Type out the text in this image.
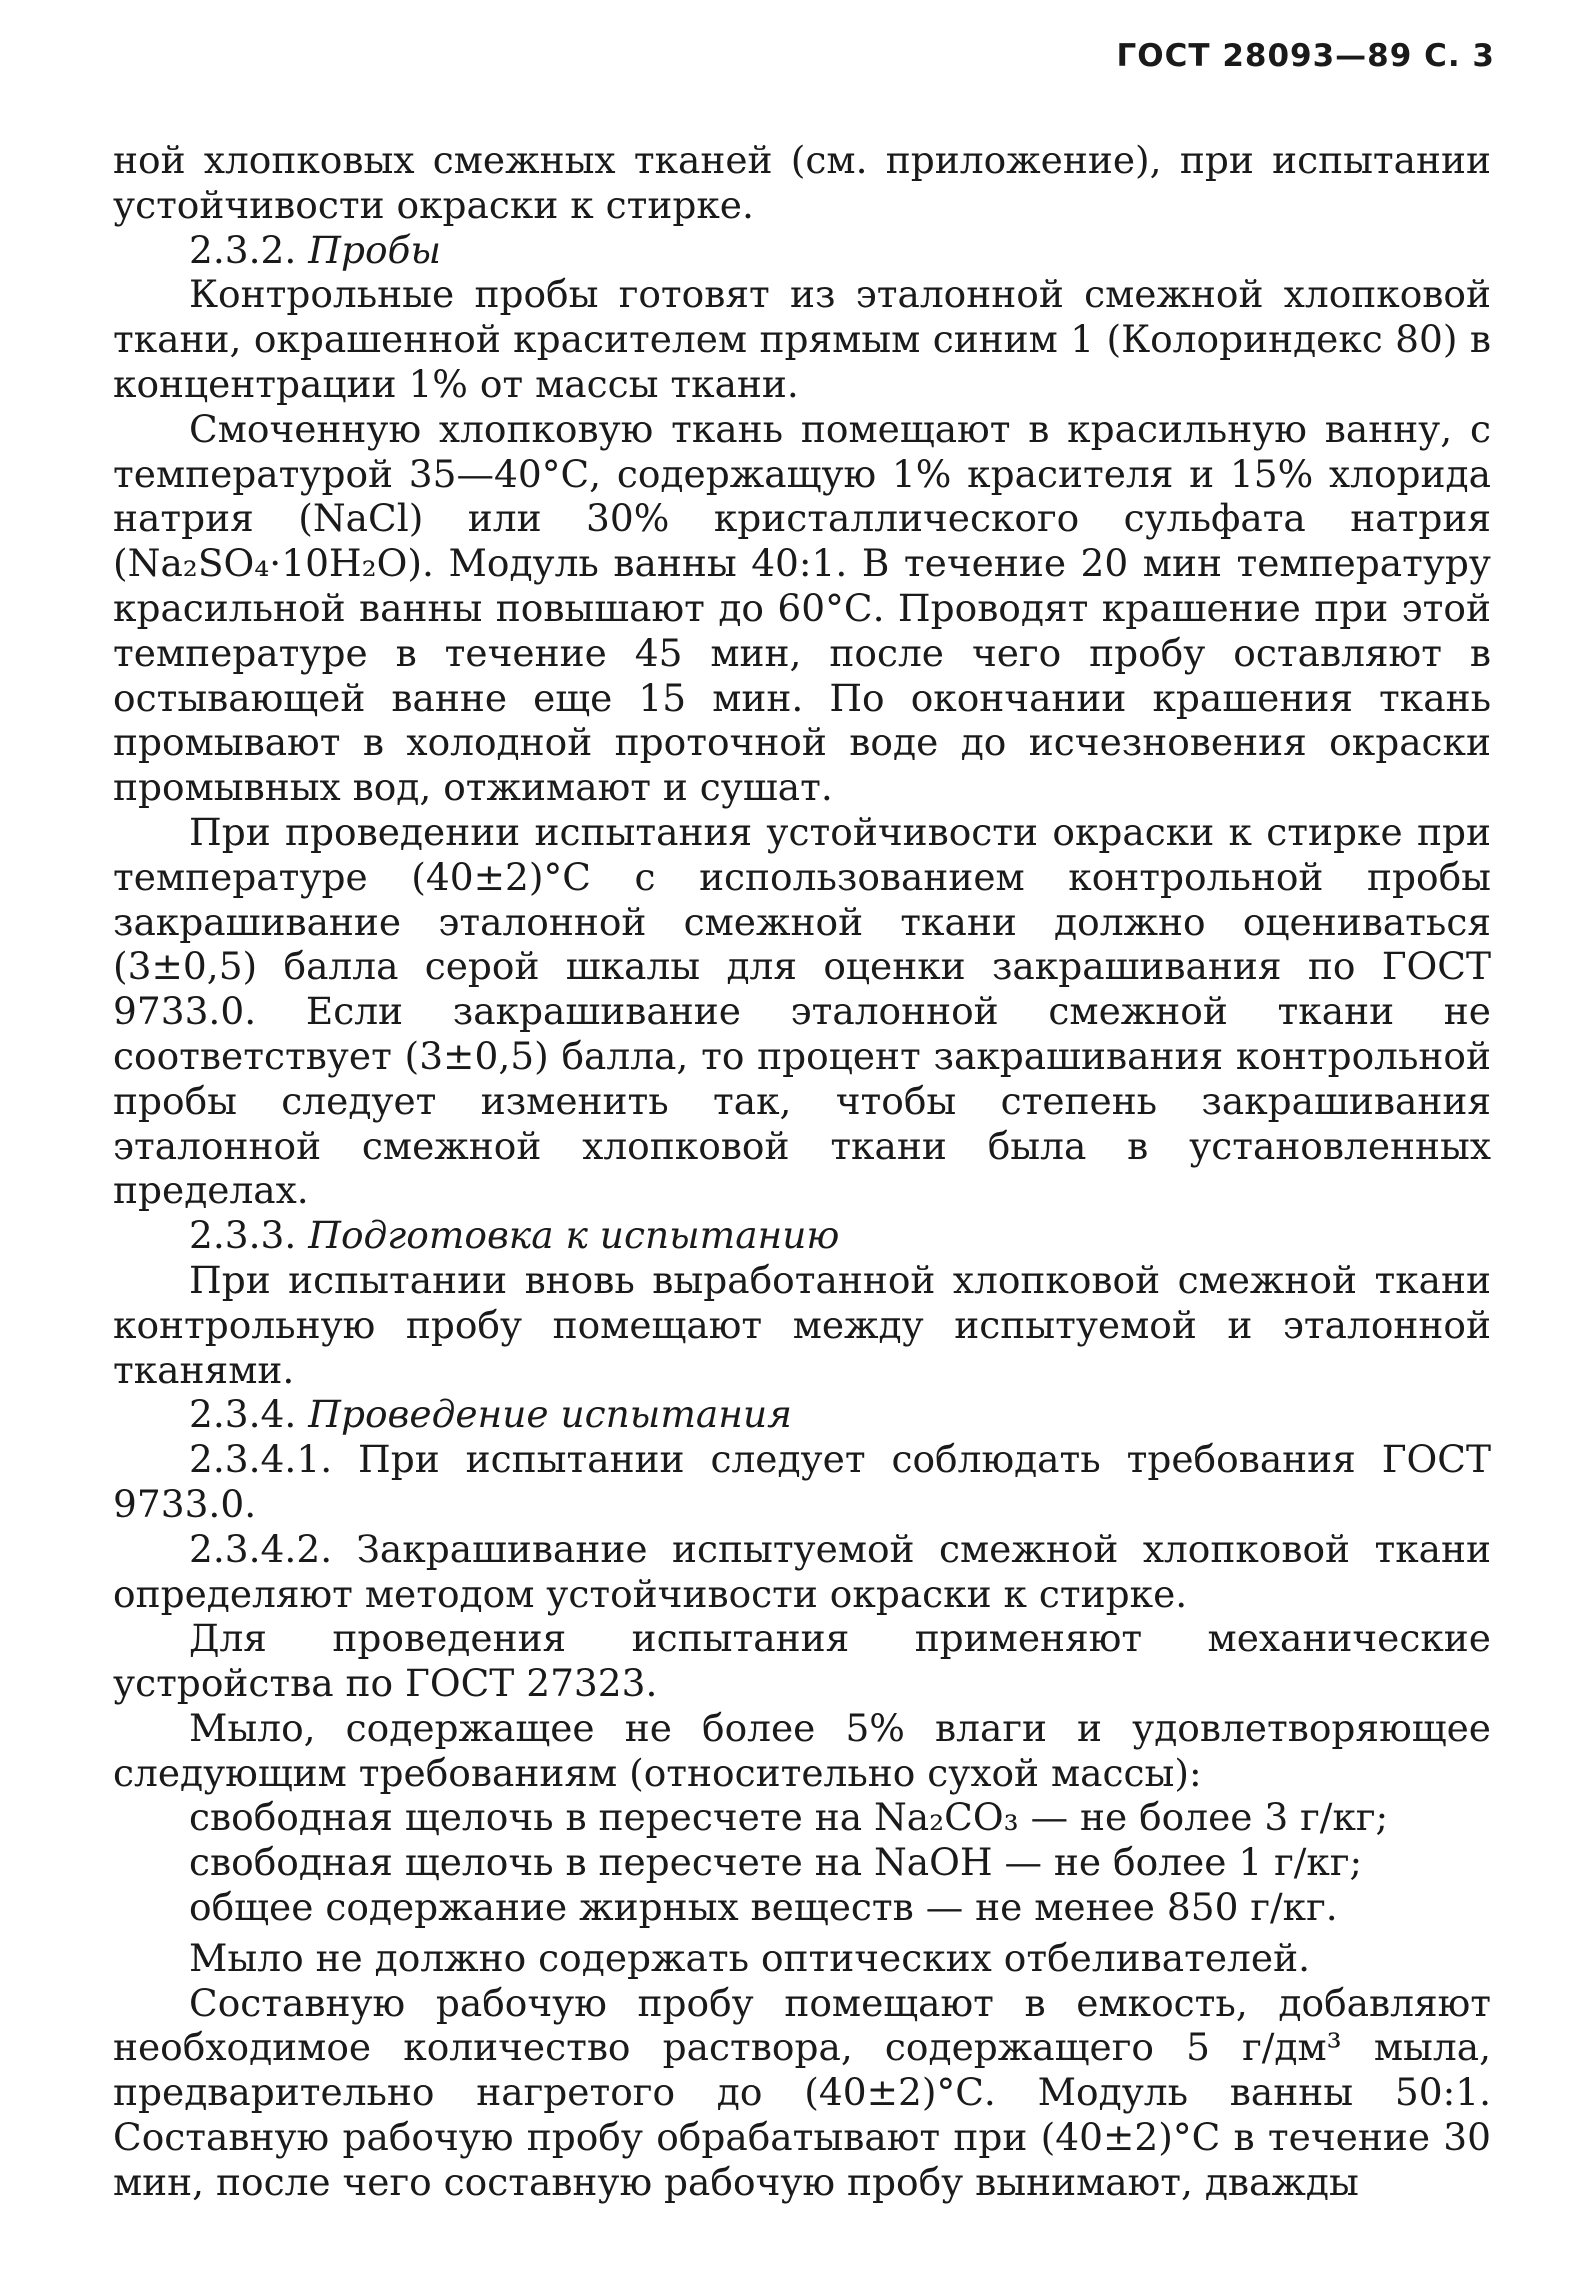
ГОСТ 28093—89 С. 3

ной хлопковых смежных тканей (см. приложение), при испытании устойчивости окраски к стирке.

2.3.2. Пробы

Контрольные пробы готовят из эталонной смежной хлопковой ткани, окрашенной красителем прямым синим 1 (Колориндекс 80) в концентрации 1% от массы ткани.

Смоченную хлопковую ткань помещают в красильную ванну, с температурой 35—40°С, содержащую 1% красителя и 15% хлорида натрия (NaCl) или 30% кристаллического сульфата натрия (Na₂SO₄·10H₂O). Модуль ванны 40:1. В течение 20 мин температуру красильной ванны повышают до 60°С. Проводят крашение при этой температуре в течение 45 мин, после чего пробу оставляют в остывающей ванне еще 15 мин. По окончании крашения ткань промывают в холодной проточной воде до исчезновения окраски промывных вод, отжимают и сушат.

При проведении испытания устойчивости окраски к стирке при температуре (40±2)°С с использованием контрольной пробы закрашивание эталонной смежной ткани должно оцениваться (3±0,5) балла серой шкалы для оценки закрашивания по ГОСТ 9733.0. Если закрашивание эталонной смежной ткани не соответствует (3±0,5) балла, то процент закрашивания контрольной пробы следует изменить так, чтобы степень закрашивания эталонной смежной хлопковой ткани была в установленных пределах.

2.3.3. Подготовка к испытанию

При испытании вновь выработанной хлопковой смежной ткани контрольную пробу помещают между испытуемой и эталонной тканями.

2.3.4. Проведение испытания

2.3.4.1. При испытании следует соблюдать требования ГОСТ 9733.0.

2.3.4.2. Закрашивание испытуемой смежной хлопковой ткани определяют методом устойчивости окраски к стирке.

Для проведения испытания применяют механические устройства по ГОСТ 27323.

Мыло, содержащее не более 5% влаги и удовлетворяющее следующим требованиям (относительно сухой массы):

свободная щелочь в пересчете на Na₂CO₃ — не более 3 г/кг;

свободная щелочь в пересчете на NaOH — не более 1 г/кг;

общее содержание жирных веществ — не менее 850 г/кг.

Мыло не должно содержать оптических отбеливателей.

Составную рабочую пробу помещают в емкость, добавляют необходимое количество раствора, содержащего 5 г/дм³ мыла, предварительно нагретого до (40±2)°С. Модуль ванны 50:1. Составную рабочую пробу обрабатывают при (40±2)°С в течение 30 мин, после чего составную рабочую пробу вынимают, дважды
